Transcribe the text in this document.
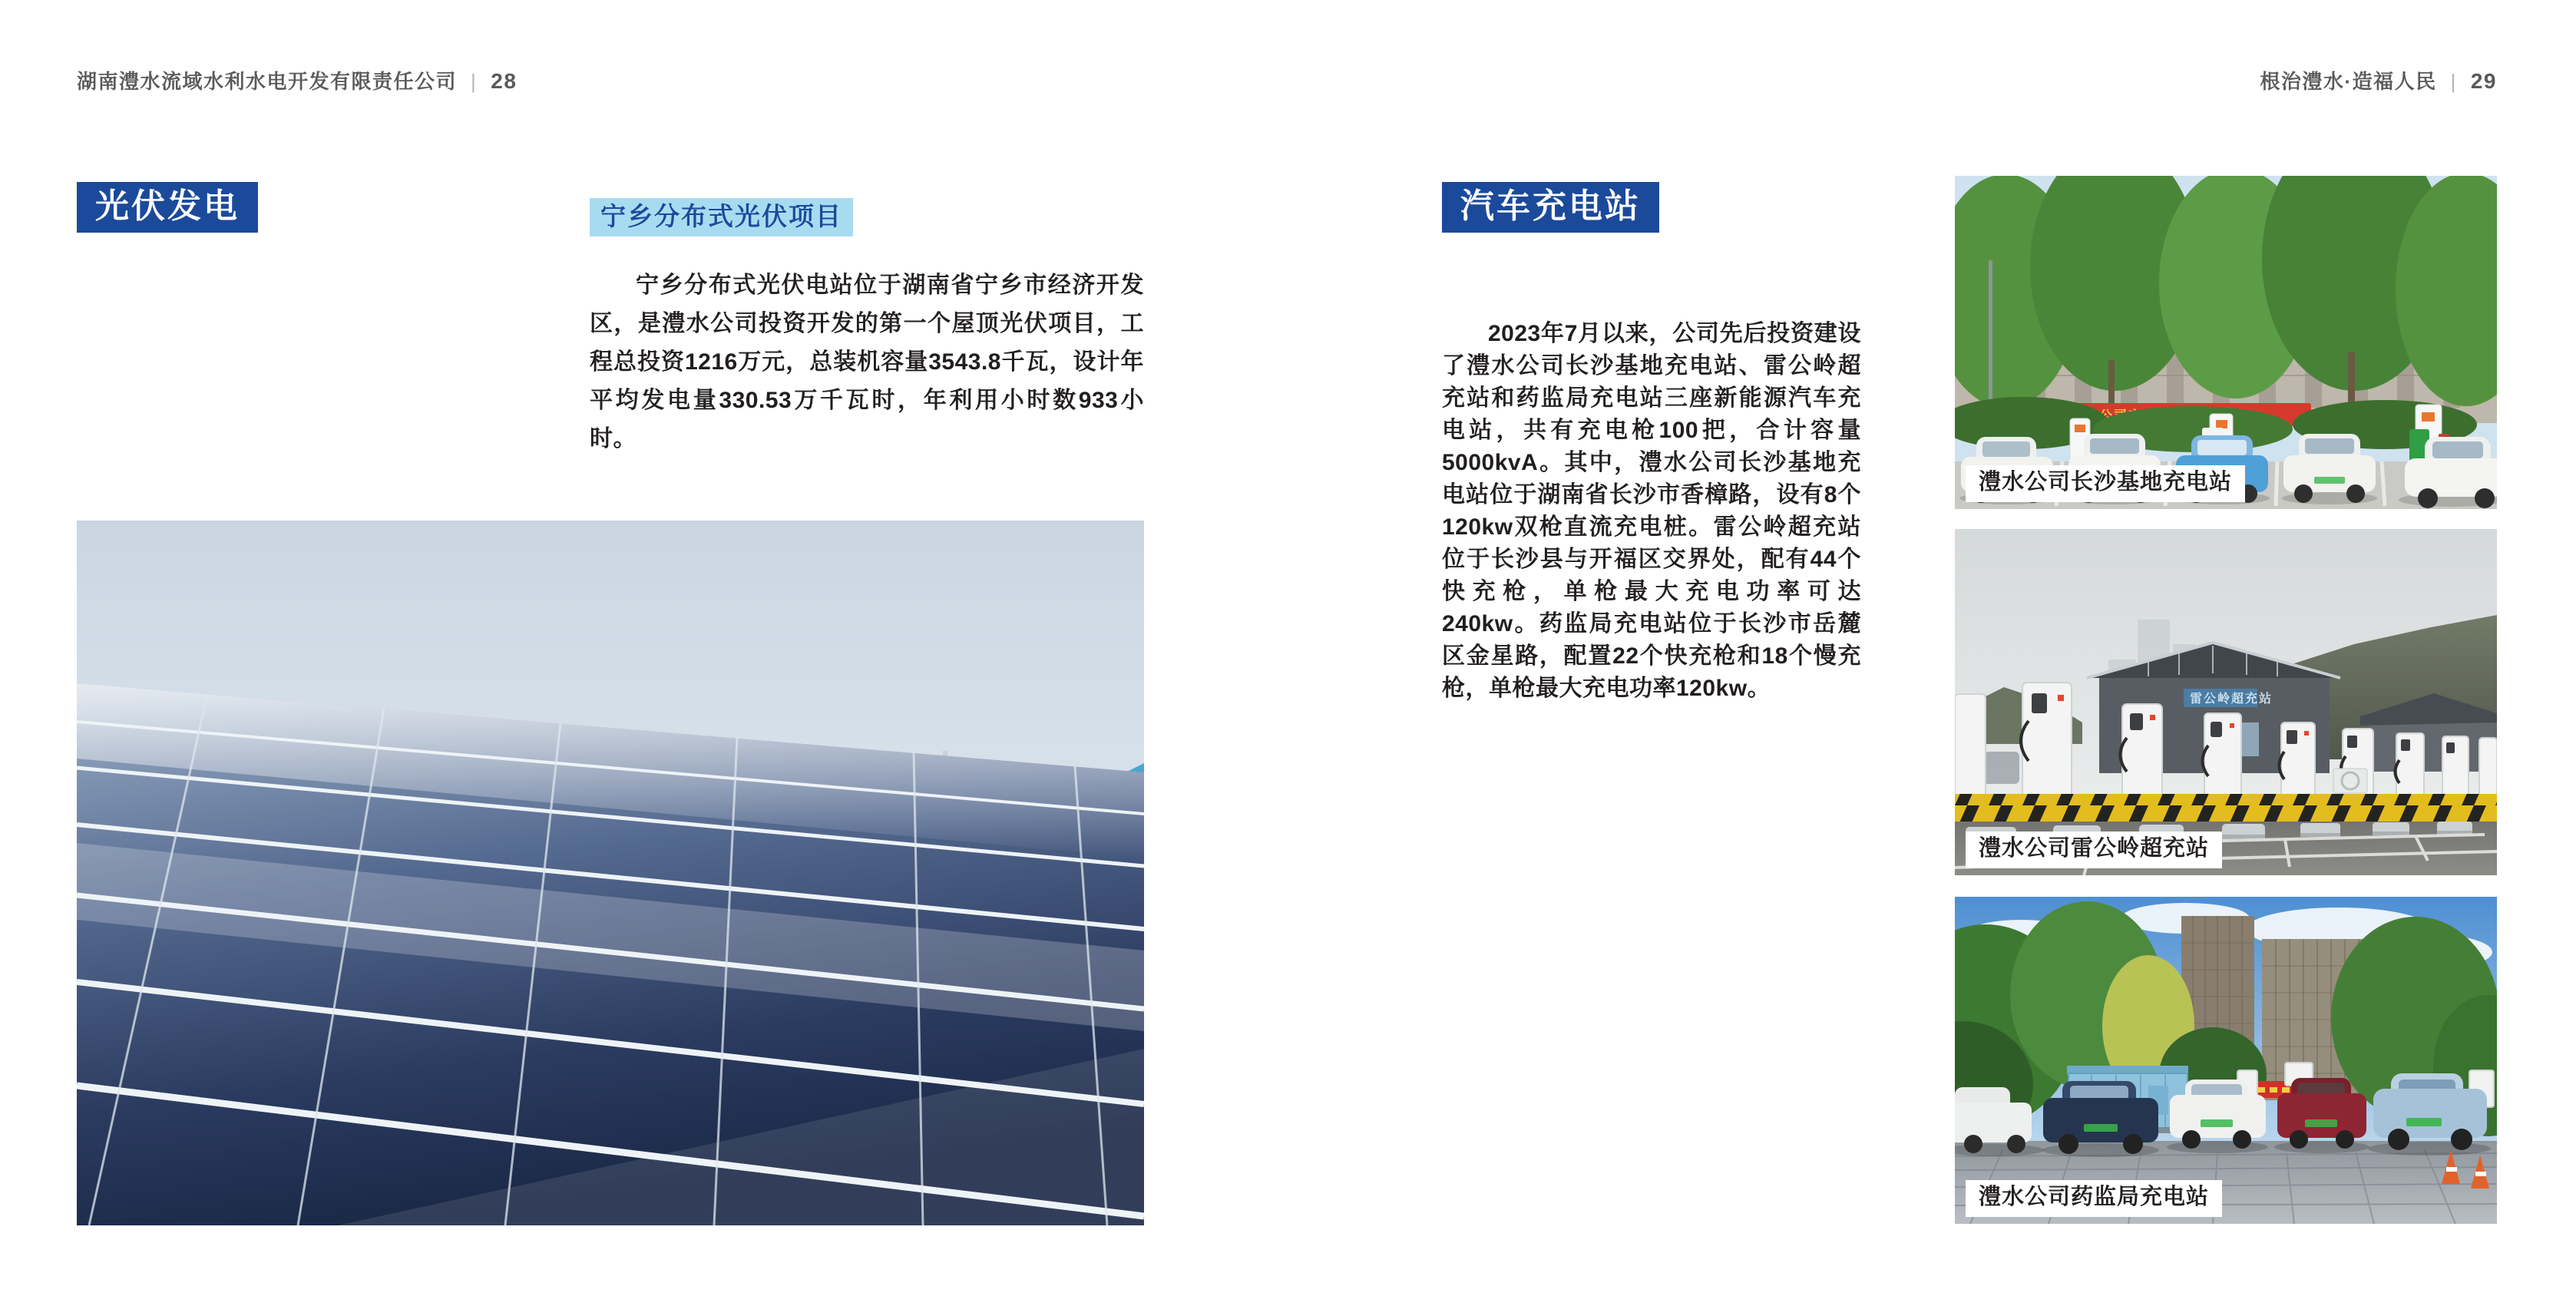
湖南澧水流域水利水电开发有限责任公司 | 28	根治澧水·造福人民 | 29
光伏发电	宁乡分布式光伏项目
宁乡分布式光伏电站位于湖南省宁乡市经济开发区，是澧水公司投资开发的第一个屋顶光伏项目，工程总投资1216万元，总装机容量3543.8千瓦，设计年平均发电量330.53万千瓦时，年利用小时数933小时。
汽车充电站
2023年7月以来，公司先后投资建设了澧水公司长沙基地充电站、雷公岭超充站和药监局充电站三座新能源汽车充电站，共有充电枪100把，合计容量5000kvA。其中，澧水公司长沙基地充电站位于湖南省长沙市香樟路，设有8个120kw双枪直流充电桩。雷公岭超充站位于长沙县与开福区交界处，配有44个快充枪，单枪最大充电功率可达240kw。药监局充电站位于长沙市岳麓区金星路，配置22个快充枪和18个慢充枪，单枪最大充电功率120kw。
澧水公司长沙基地充电站
雷公岭超充站
澧水公司雷公岭超充站
澧水公司药监局充电站
